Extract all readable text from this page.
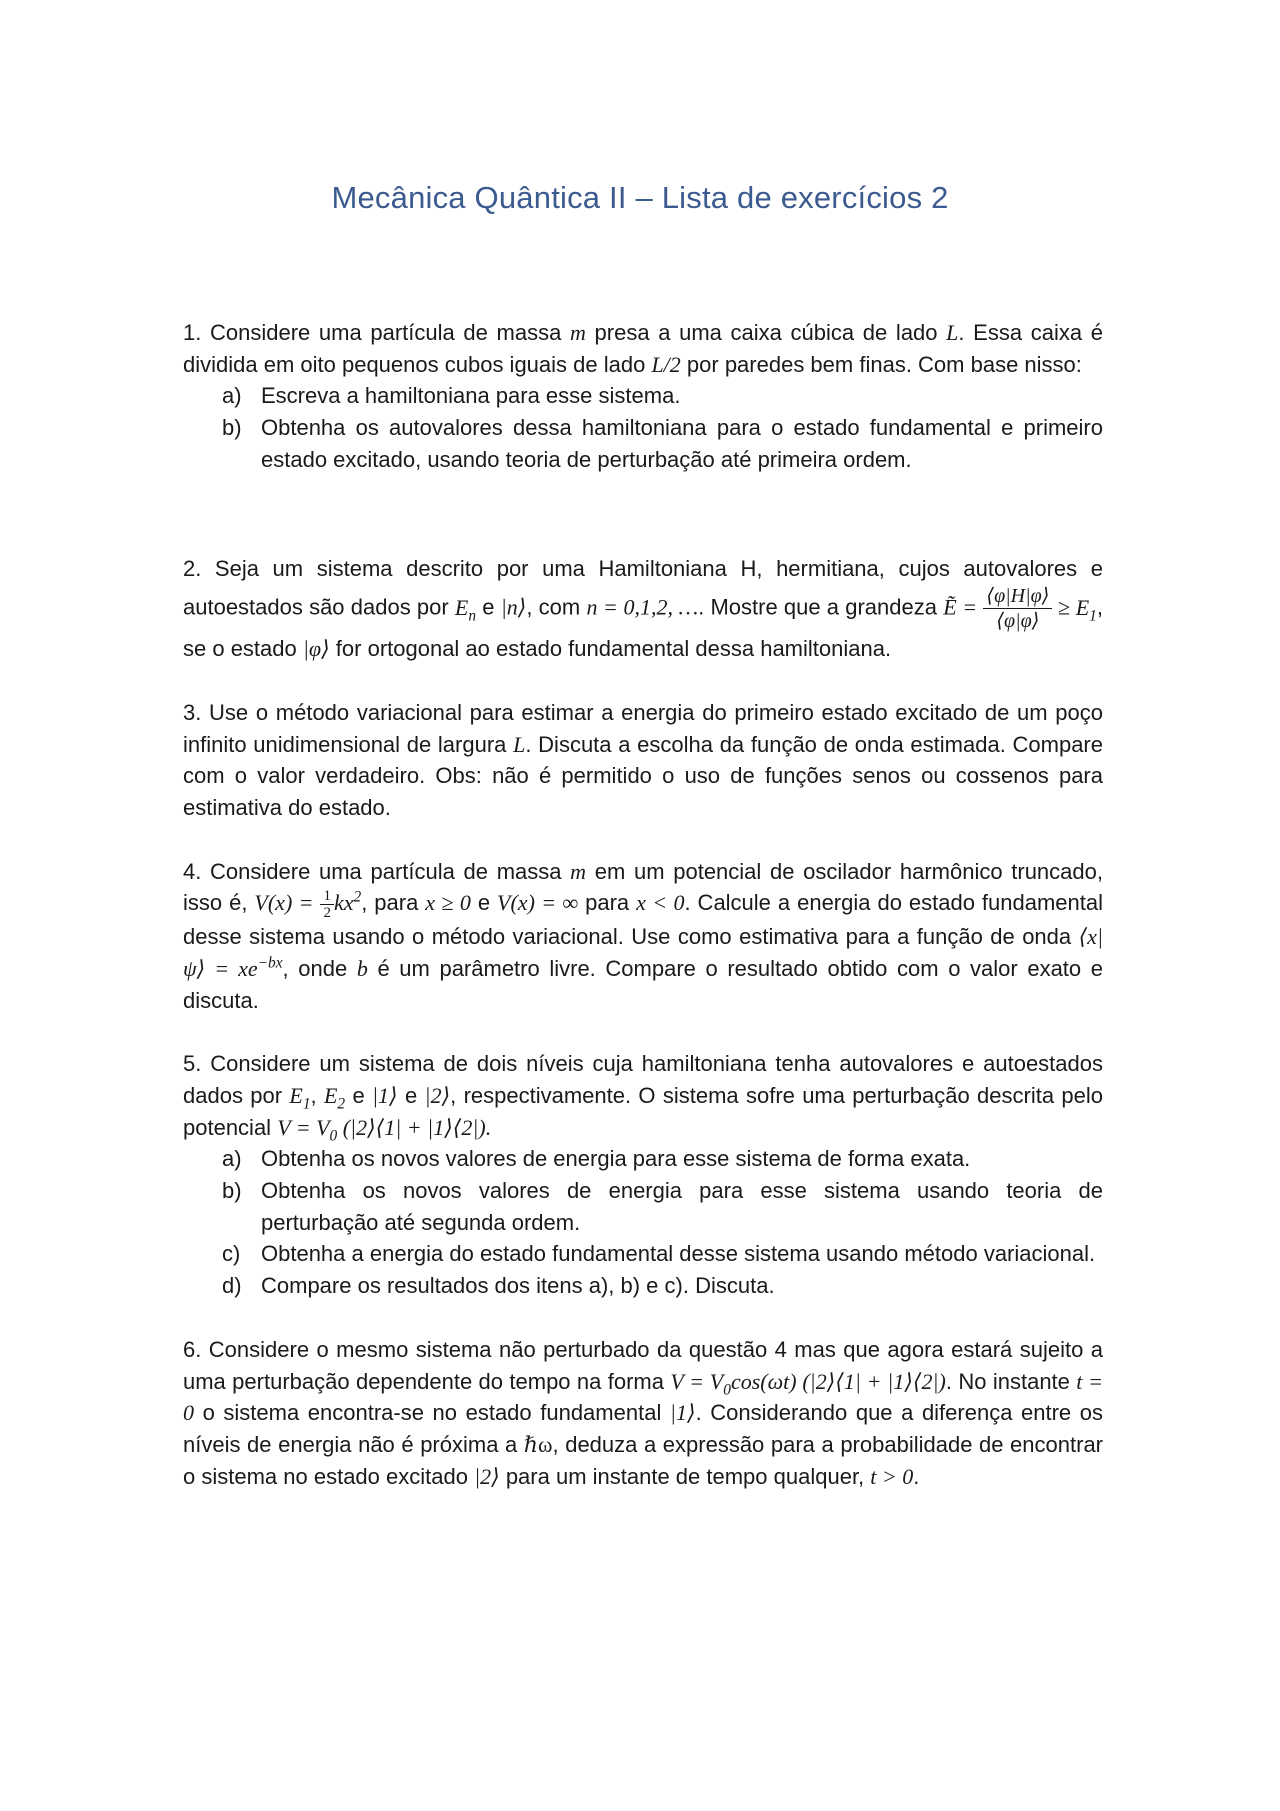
Mecânica Quântica II – Lista de exercícios 2

1. Considere uma partícula de massa m presa a uma caixa cúbica de lado L. Essa caixa é dividida em oito pequenos cubos iguais de lado L/2 por paredes bem finas. Com base nisso:

a) Escreva a hamiltoniana para esse sistema.
b) Obtenha os autovalores dessa hamiltoniana para o estado fundamental e primeiro estado excitado, usando teoria de perturbação até primeira ordem.

2. Seja um sistema descrito por uma Hamiltoniana H, hermitiana, cujos autovalores e autoestados são dados por $E_n$ e |n⟩, com n = 0,1,2, …. Mostre que a grandeza Ẽ = $\frac{⟨\varphi|H|\varphi⟩}{⟨\varphi|\varphi⟩} \ge E_1$, se o estado |φ⟩ for ortogonal ao estado fundamental dessa hamiltoniana.

3. Use o método variacional para estimar a energia do primeiro estado excitado de um poço infinito unidimensional de largura L. Discuta a escolha da função de onda estimada. Compare com o valor verdadeiro. Obs: não é permitido o uso de funções senos ou cossenos para estimativa do estado.

4. Considere uma partícula de massa m em um potencial de oscilador harmônico truncado, isso é, $V(x) = \frac{1}{2} kx^2$, para x ≥ 0 e V(x) = ∞ para x < 0. Calcule a energia do estado fundamental desse sistema usando o método variacional. Use como estimativa para a função de onda ⟨x|ψ⟩ = $xe^{-bx}$, onde b é um parâmetro livre. Compare o resultado obtido com o valor exato e discuta.

5. Considere um sistema de dois níveis cuja hamiltoniana tenha autovalores e autoestados dados por $E_1$, $E_2$ e |1⟩ e |2⟩, respectivamente. O sistema sofre uma perturbação descrita pelo potencial $V = V_0$ (|2⟩⟨1| + |1⟩⟨2|).

a) Obtenha os novos valores de energia para esse sistema de forma exata.
b) Obtenha os novos valores de energia para esse sistema usando teoria de perturbação até segunda ordem.
c) Obtenha a energia do estado fundamental desse sistema usando método variacional.
d) Compare os resultados dos itens a), b) e c). Discuta.

6. Considere o mesmo sistema não perturbado da questão 4 mas que agora estará sujeito a uma perturbação dependente do tempo na forma $V = V_0\cos(\omega t)$ (|2⟩⟨1| + |1⟩⟨2|). No instante t = 0 o sistema encontra-se no estado fundamental |1⟩. Considerando que a diferença entre os níveis de energia não é próxima a ℏω, deduza a expressão para a probabilidade de encontrar o sistema no estado excitado |2⟩ para um instante de tempo qualquer, t > 0.
